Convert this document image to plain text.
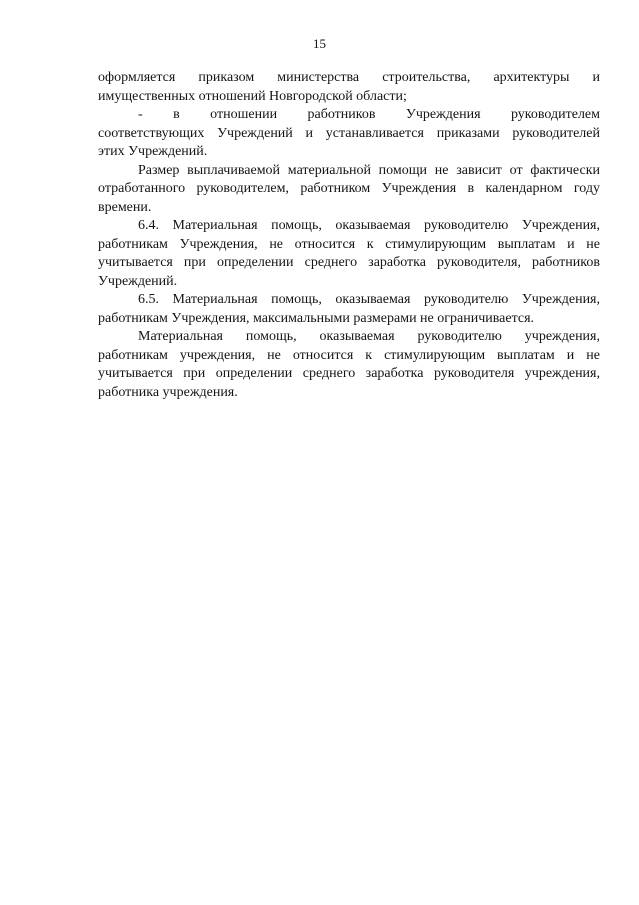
15
оформляется приказом министерства строительства, архитектуры и
имущественных отношений Новгородской области;
- в отношении работников Учреждения руководителем
соответствующих Учреждений и устанавливается приказами руководителей
этих Учреждений.
Размер выплачиваемой материальной помощи не зависит от фактически
отработанного руководителем, работником Учреждения в календарном году
времени.
6.4. Материальная помощь, оказываемая руководителю Учреждения,
работникам Учреждения, не относится к стимулирующим выплатам и не
учитывается при определении среднего заработка руководителя, работников
Учреждений.
6.5. Материальная помощь, оказываемая руководителю Учреждения,
работникам Учреждения, максимальными размерами не ограничивается.
Материальная помощь, оказываемая руководителю учреждения,
работникам учреждения, не относится к стимулирующим выплатам и не
учитывается при определении среднего заработка руководителя учреждения,
работника учреждения.
